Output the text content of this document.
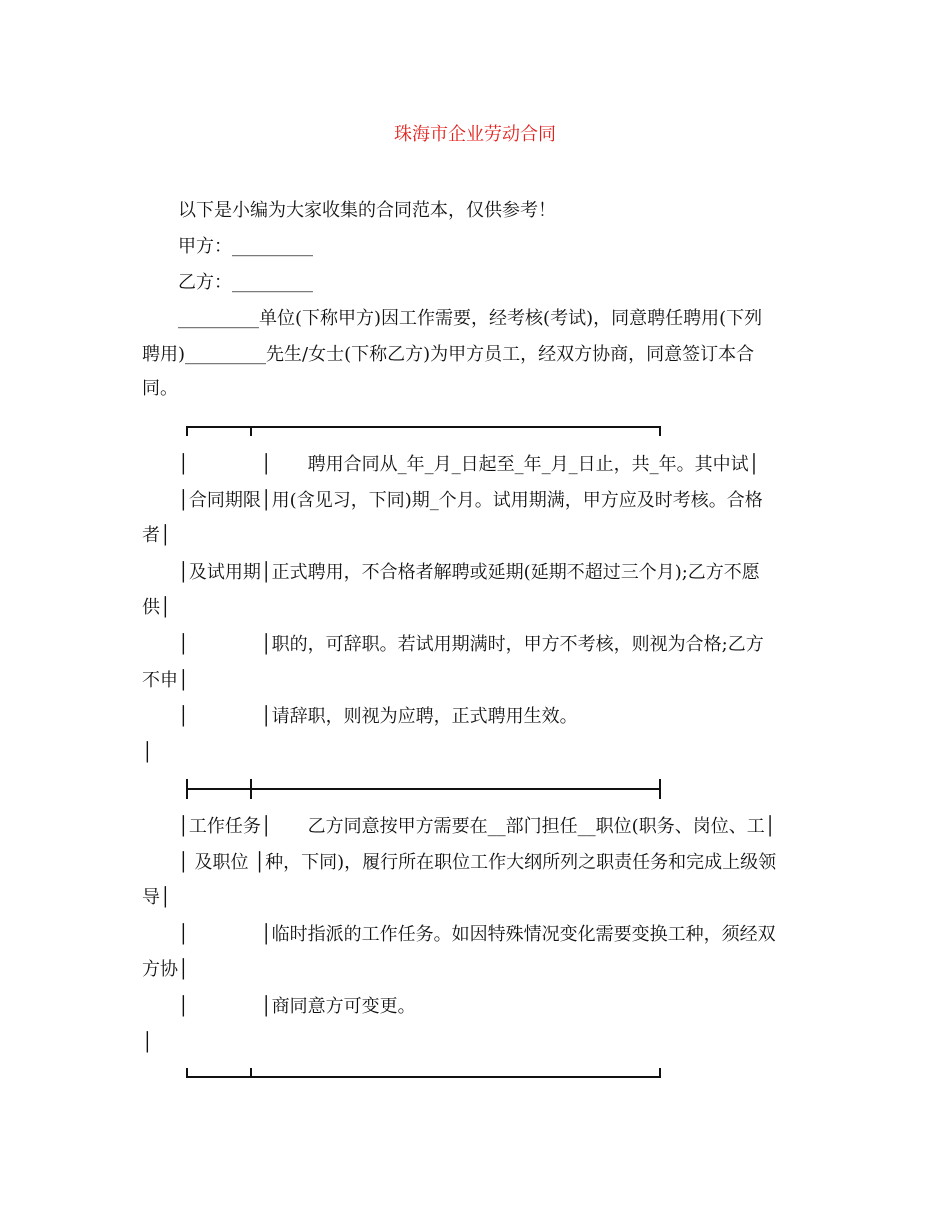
珠海市企业劳动合同
以下是小编为大家收集的合同范本，仅供参考！
甲方：_________
乙方：_________
_________单位(下称甲方)因工作需要，经考核(考试)，同意聘任聘用(下列
聘用)_________先生/女士(下称乙方)为甲方员工，经双方协商，同意签订本合
同。
│　　　　│　　聘用合同从_年_月_日起至_年_月_日止，共_年。其中试│
│合同期限│用(含见习，下同)期_个月。试用期满，甲方应及时考核。合格
者│
│及试用期│正式聘用，不合格者解聘或延期(延期不超过三个月);乙方不愿
供│
│　　　　│职的，可辞职。若试用期满时，甲方不考核，则视为合格;乙方
不申│
│　　　　│请辞职，则视为应聘，正式聘用生效。
│
│工作任务│　　乙方同意按甲方需要在__部门担任__职位(职务、岗位、工│
│ 及职位 │种，下同)，履行所在职位工作大纲所列之职责任务和完成上级领
导│
│　　　　│临时指派的工作任务。如因特殊情况变化需要变换工种，须经双
方协│
│　　　　│商同意方可变更。
│
